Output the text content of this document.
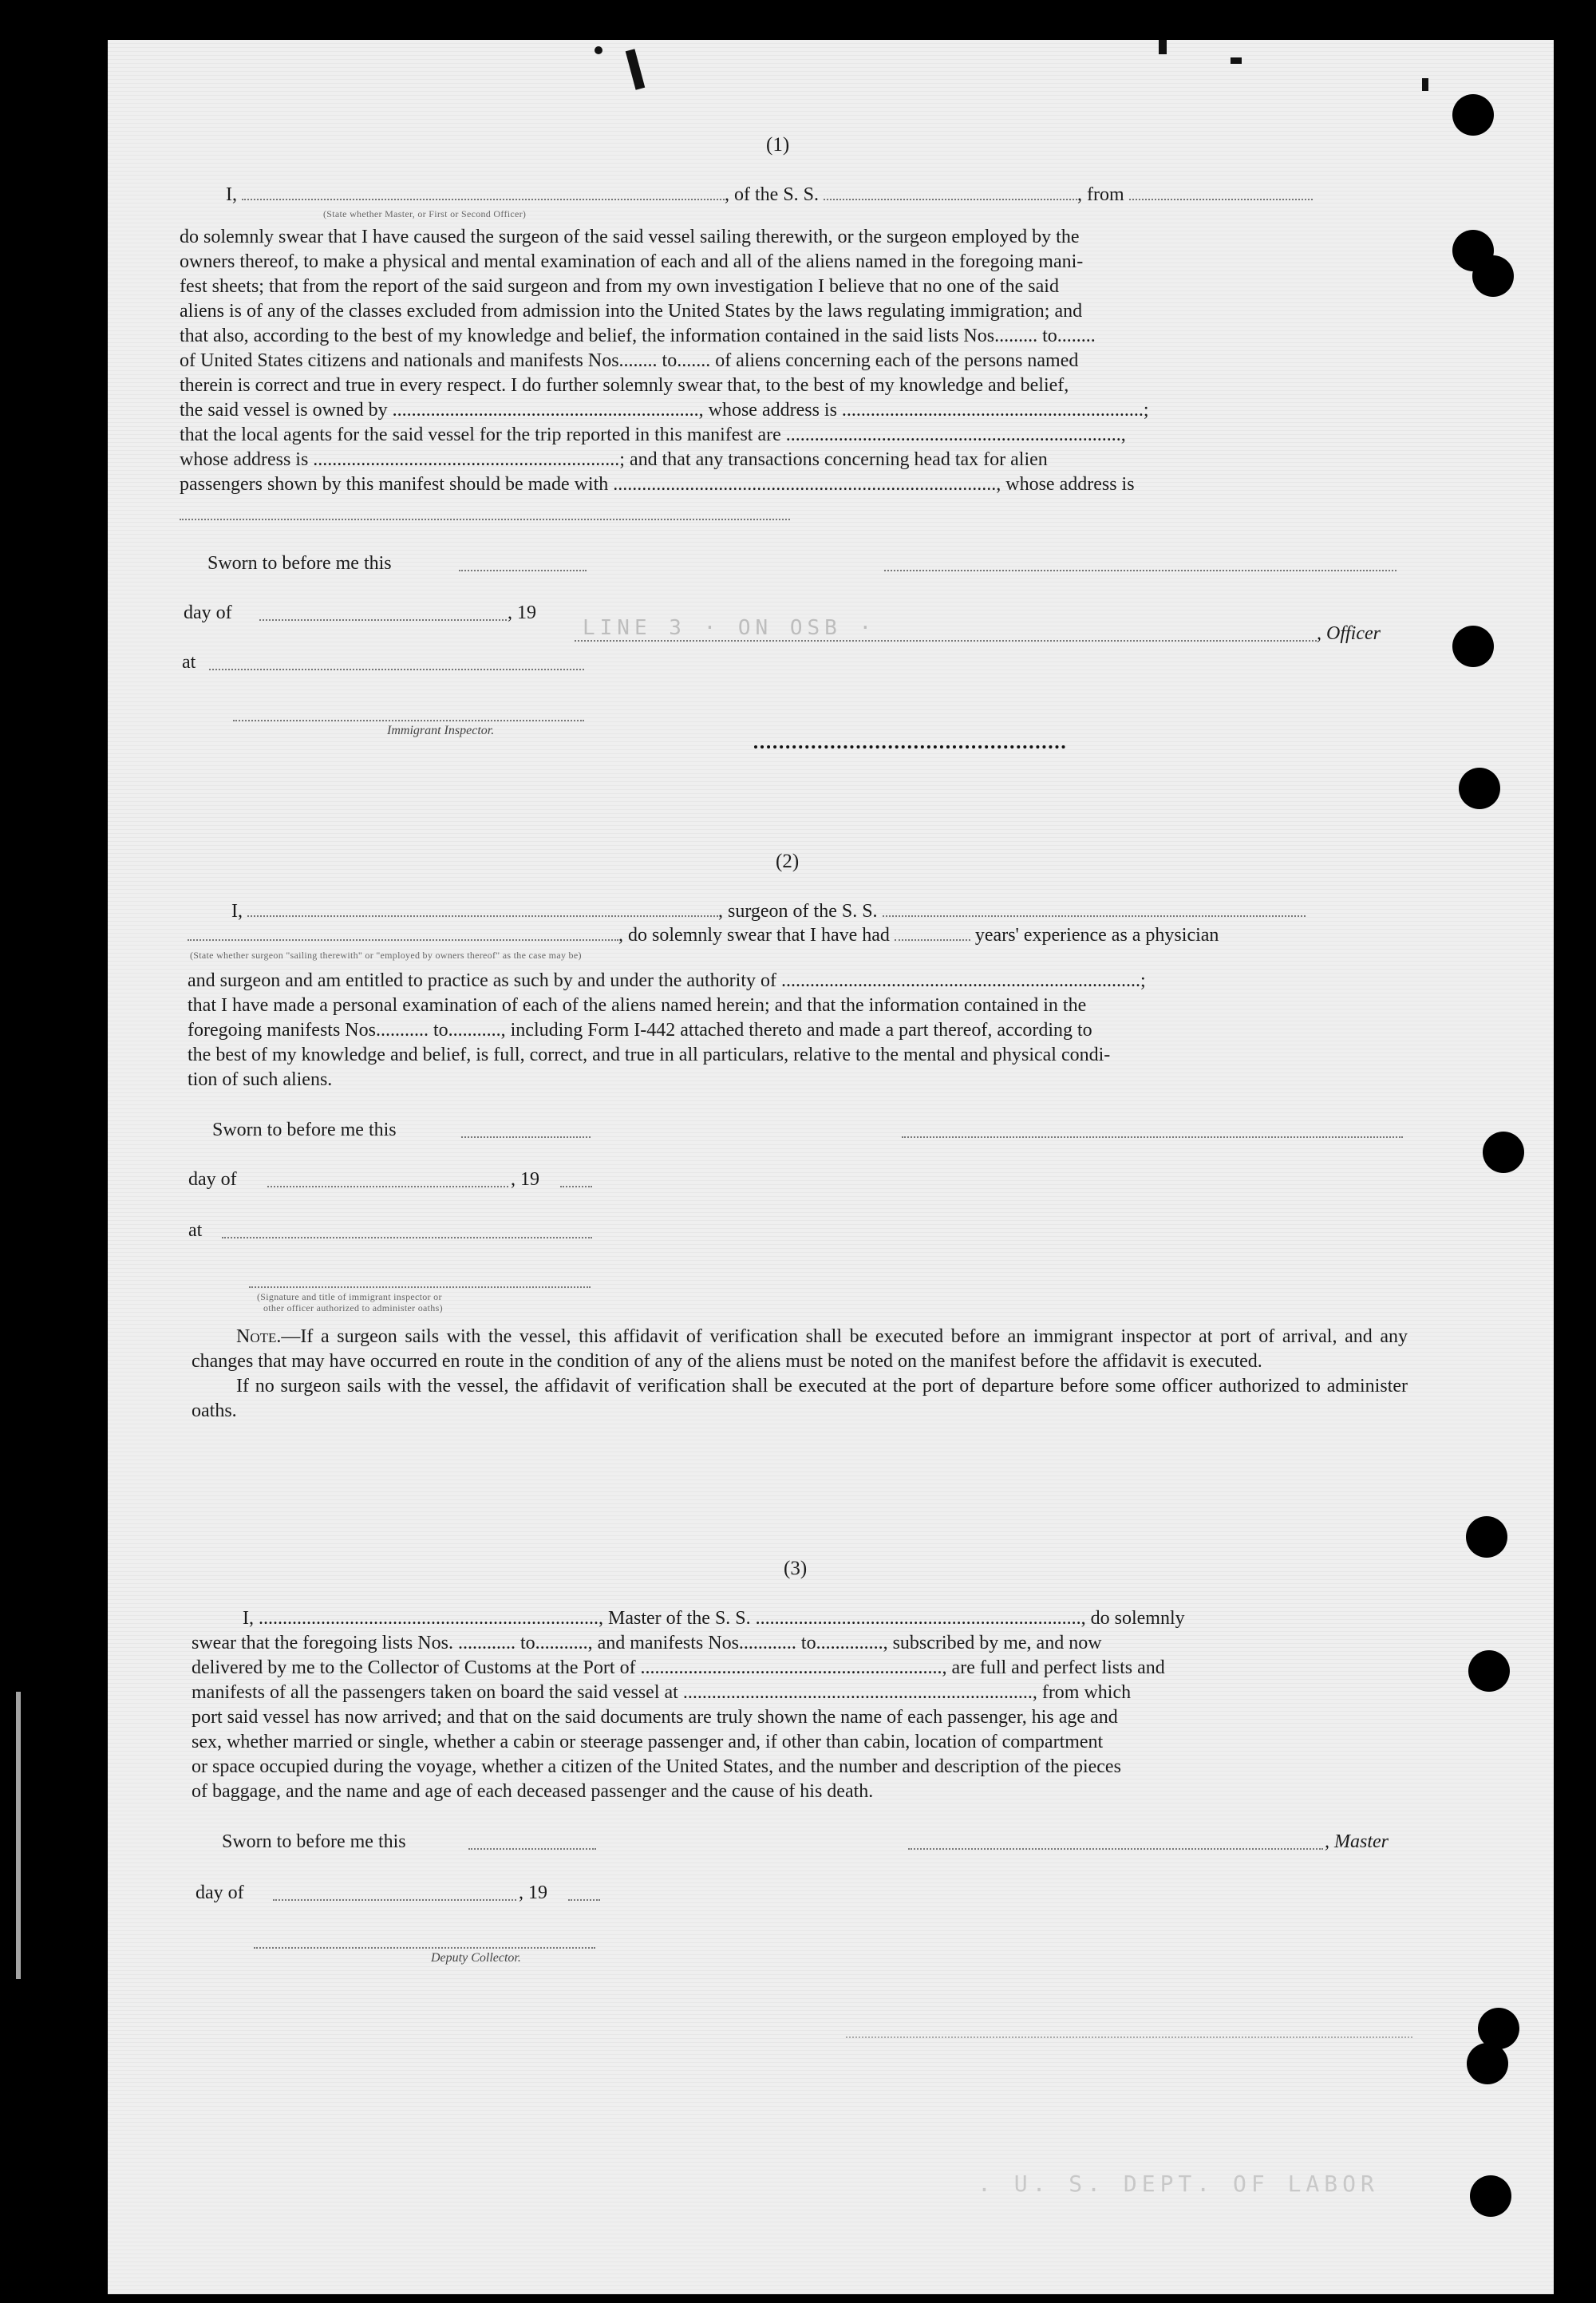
(1)
I,	, of the S. S.	, from
(State whether Master, or First or Second Officer)

do solemnly swear that I have caused the surgeon of the said vessel sailing therewith, or the surgeon employed by the

owners thereof, to make a physical and mental examination of each and all of the aliens named in the foregoing mani-

fest sheets; that from the report of the said surgeon and from my own investigation I believe that no one of the said

aliens is of any of the classes excluded from admission into the United States by the laws regulating immigration; and

that also, according to the best of my knowledge and belief, the information contained in the said lists Nos......... to........

of United States citizens and nationals and manifests Nos........ to....... of aliens concerning each of the persons named

therein is correct and true in every respect. I do further solemnly swear that, to the best of my knowledge and belief,

the said vessel is owned by ................................................................, whose address is ...............................................................;

that the local agents for the said vessel for the trip reported in this manifest are ......................................................................,

whose address is ................................................................; and that any transactions concerning head tax for alien

passengers shown by this manifest should be made with ................................................................................, whose address is

Sworn to before me this
day of	, 19
LINE 3 · ON OSB ·	, Officer
at
Immigrant Inspector.
(2)
I,	, surgeon of the S. S.
, do solemnly swear that I have had	years' experience as a physician
(State whether surgeon "sailing therewith" or "employed by owners thereof" as the case may be)

and surgeon and am entitled to practice as such by and under the authority of ...........................................................................;

that I have made a personal examination of each of the aliens named herein; and that the information contained in the

foregoing manifests Nos........... to..........., including Form I-442 attached thereto and made a part thereof, according to

the best of my knowledge and belief, is full, correct, and true in all particulars, relative to the mental and physical condi-

tion of such aliens.

Sworn to before me this
day of	, 19
at
(Signature and title of immigrant inspector or
other officer authorized to administer oaths)

Note.—If a surgeon sails with the vessel, this affidavit of verification shall be executed before an immigrant inspector at port of arrival, and any changes that may have occurred en route in the condition of any of the aliens must be noted on the manifest before the affidavit is executed.

If no surgeon sails with the vessel, the affidavit of verification shall be executed at the port of departure before some officer authorized to administer oaths.

(3)

I, ......................................................................., Master of the S. S. ...................................................................., do solemnly

swear that the foregoing lists Nos. ............ to..........., and manifests Nos............ to.............., subscribed by me, and now

delivered by me to the Collector of Customs at the Port of ..............................................................., are full and perfect lists and

manifests of all the passengers taken on board the said vessel at ........................................................................., from which

port said vessel has now arrived; and that on the said documents are truly shown the name of each passenger, his age and

sex, whether married or single, whether a cabin or steerage passenger and, if other than cabin, location of compartment

or space occupied during the voyage, whether a citizen of the United States, and the number and description of the pieces

of baggage, and the name and age of each deceased passenger and the cause of his death.

Sworn to before me this	, Master
day of	, 19
Deputy Collector.
. U. S. DEPT. OF LABOR
